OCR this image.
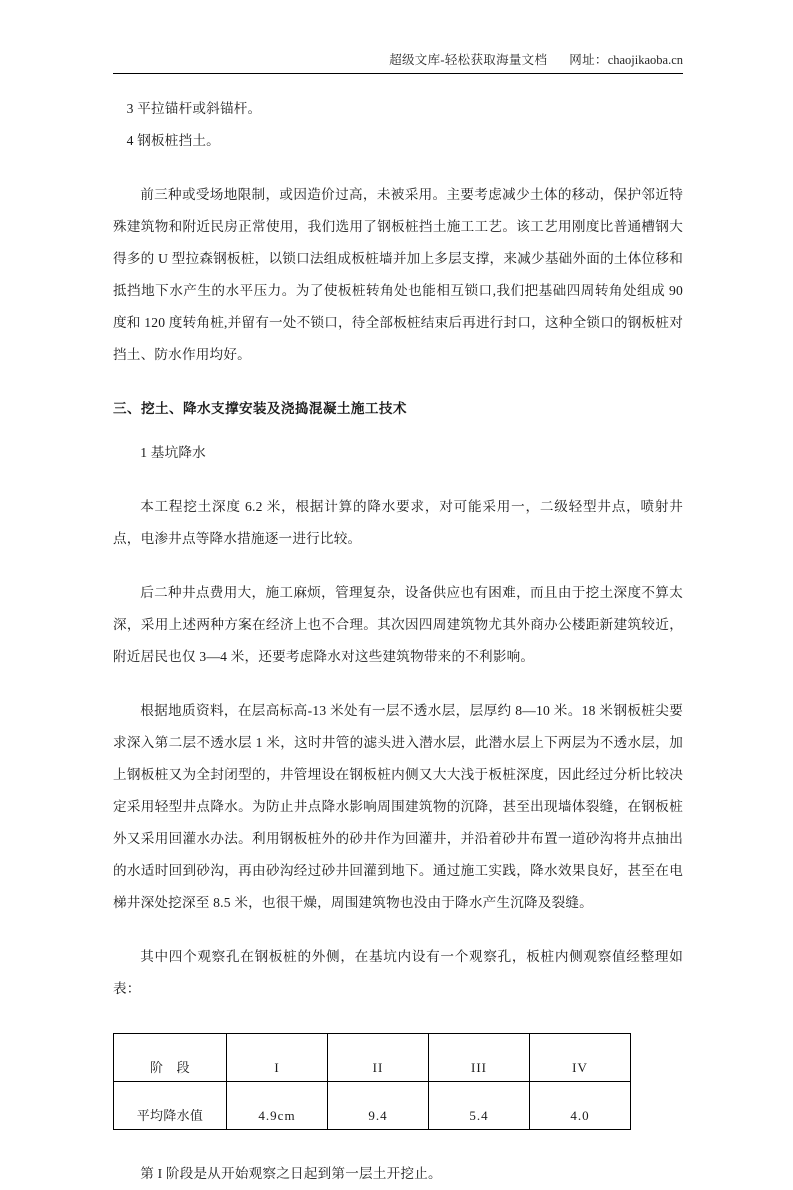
超级文库-轻松获取海量文档 网址：chaojikaoba.cn

3 平拉锚杆或斜锚杆。

4 钢板桩挡土。

前三种或受场地限制，或因造价过高，未被采用。主要考虑减少土体的移动，保护邻近特殊建筑物和附近民房正常使用，我们选用了钢板桩挡土施工工艺。该工艺用刚度比普通槽钢大得多的 U 型拉森钢板桩，以锁口法组成板桩墙并加上多层支撑，来减少基础外面的土体位移和抵挡地下水产生的水平压力。为了使板桩转角处也能相互锁口,我们把基础四周转角处组成 90 度和 120 度转角桩,并留有一处不锁口，待全部板桩结束后再进行封口，这种全锁口的钢板桩对挡土、防水作用均好。

三、挖土、降水支撑安装及浇捣混凝土施工技术

1 基坑降水

本工程挖土深度 6.2 米，根据计算的降水要求，对可能采用一，二级轻型井点，喷射井点，电渗井点等降水措施逐一进行比较。

后二种井点费用大，施工麻烦，管理复杂，设备供应也有困难，而且由于挖土深度不算太深，采用上述两种方案在经济上也不合理。其次因四周建筑物尤其外商办公楼距新建筑较近，附近居民也仅 3—4 米，还要考虑降水对这些建筑物带来的不利影响。

根据地质资料，在层高标高-13 米处有一层不透水层，层厚约 8—10 米。18 米钢板桩尖要求深入第二层不透水层 1 米，这时井管的滤头进入潜水层，此潜水层上下两层为不透水层，加上钢板桩又为全封闭型的，井管埋设在钢板桩内侧又大大浅于板桩深度，因此经过分析比较决定采用轻型井点降水。为防止井点降水影响周围建筑物的沉降，甚至出现墙体裂缝，在钢板桩外又采用回灌水办法。利用钢板桩外的砂井作为回灌井，并沿着砂井布置一道砂沟将井点抽出的水适时回到砂沟，再由砂沟经过砂井回灌到地下。通过施工实践，降水效果良好，甚至在电梯井深处挖深至 8.5 米，也很干燥，周围建筑物也没由于降水产生沉降及裂缝。

其中四个观察孔在钢板桩的外侧，在基坑内设有一个观察孔，板桩内侧观察值经整理如表：

阶　段	I	II	III	IV
平均降水值	4.9cm	9.4	5.4	4.0

第 I 阶段是从开始观察之日起到第一层土开挖止。
